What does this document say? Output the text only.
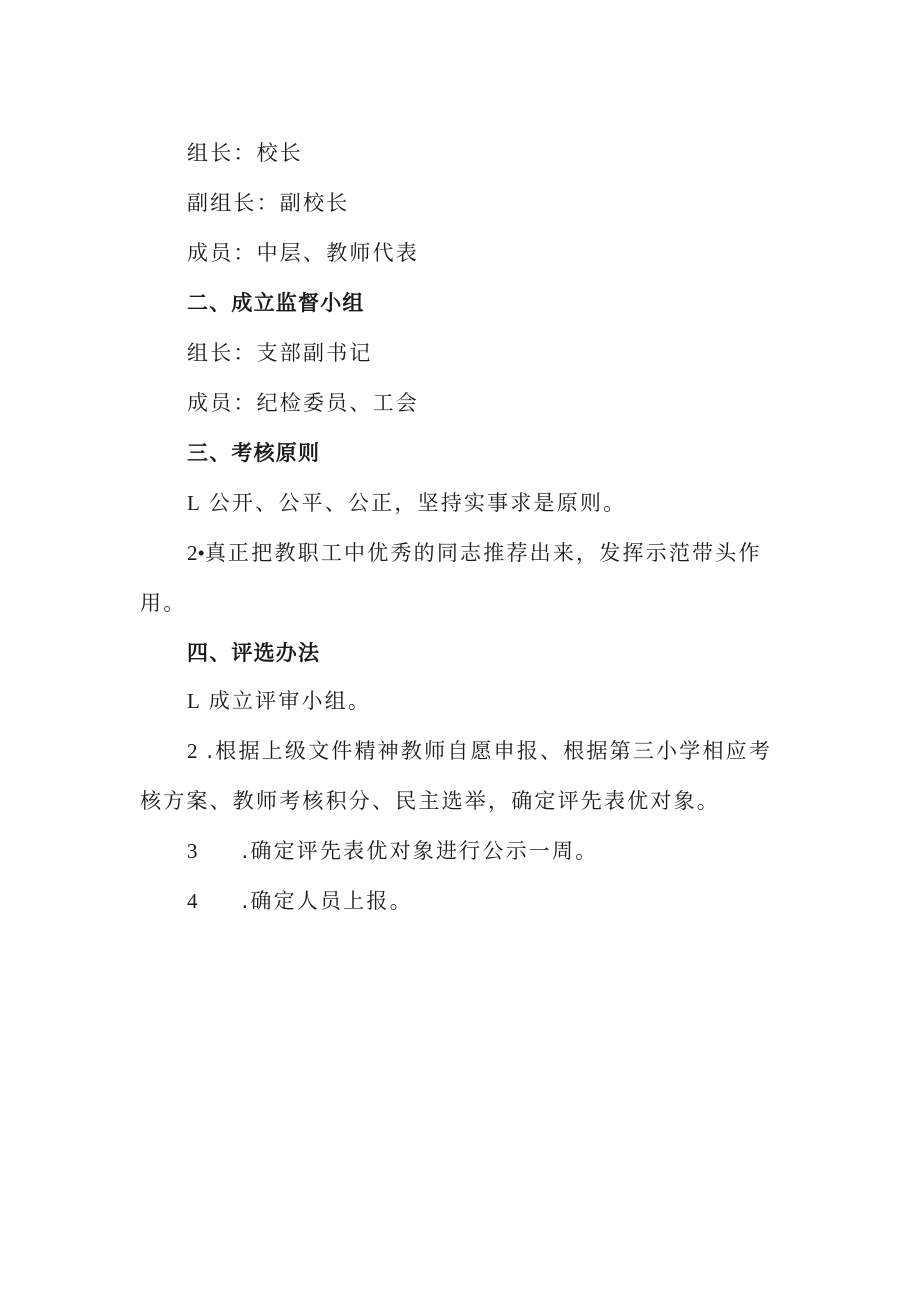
组长：校长
副组长：副校长
成员：中层、教师代表
二、成立监督小组
组长：支部副书记
成员：纪检委员、工会
三、考核原则
L 公开、公平、公正，坚持实事求是原则。
2•真正把教职工中优秀的同志推荐出来，发挥示范带头作
用。
四、评选办法
L 成立评审小组。
2 .根据上级文件精神教师自愿申报、根据第三小学相应考
核方案、教师考核积分、民主选举，确定评先表优对象。
3 .确定评先表优对象进行公示一周。
4 .确定人员上报。
